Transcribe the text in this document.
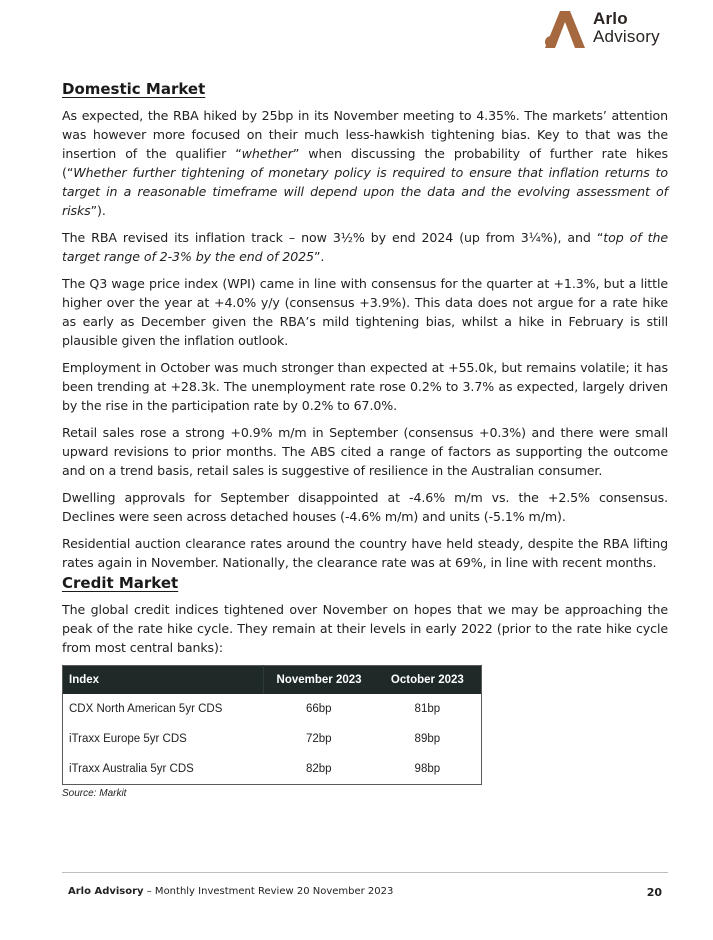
Arlo
Advisory
Domestic Market

As expected, the RBA hiked by 25bp in its November meeting to 4.35%. The markets’ attention was however more focused on their much less-hawkish tightening bias. Key to that was the insertion of the qualifier “whether” when discussing the probability of further rate hikes (“Whether further tightening of monetary policy is required to ensure that inflation returns to target in a reasonable timeframe will depend upon the data and the evolving assessment of risks”).

The RBA revised its inflation track – now 3½% by end 2024 (up from 3¼%), and “top of the target range of 2-3% by the end of 2025”.

The Q3 wage price index (WPI) came in line with consensus for the quarter at +1.3%, but a little higher over the year at +4.0% y/y (consensus +3.9%). This data does not argue for a rate hike as early as December given the RBA’s mild tightening bias, whilst a hike in February is still plausible given the inflation outlook.

Employment in October was much stronger than expected at +55.0k, but remains volatile; it has been trending at +28.3k. The unemployment rate rose 0.2% to 3.7% as expected, largely driven by the rise in the participation rate by 0.2% to 67.0%.

Retail sales rose a strong +0.9% m/m in September (consensus +0.3%) and there were small upward revisions to prior months. The ABS cited a range of factors as supporting the outcome and on a trend basis, retail sales is suggestive of resilience in the Australian consumer.

Dwelling approvals for September disappointed at -4.6% m/m vs. the +2.5% consensus. Declines were seen across detached houses (-4.6% m/m) and units (-5.1% m/m).

Residential auction clearance rates around the country have held steady, despite the RBA lifting rates again in November. Nationally, the clearance rate was at 69%, in line with recent months.

Credit Market

The global credit indices tightened over November on hopes that we may be approaching the peak of the rate hike cycle. They remain at their levels in early 2022 (prior to the rate hike cycle from most central banks):

Index	November 2023	October 2023
CDX North American 5yr CDS	66bp	81bp
iTraxx Europe 5yr CDS	72bp	89bp
iTraxx Australia 5yr CDS	82bp	98bp
Source: Markit
Arlo Advisory – Monthly Investment Review 20 November 2023	20
